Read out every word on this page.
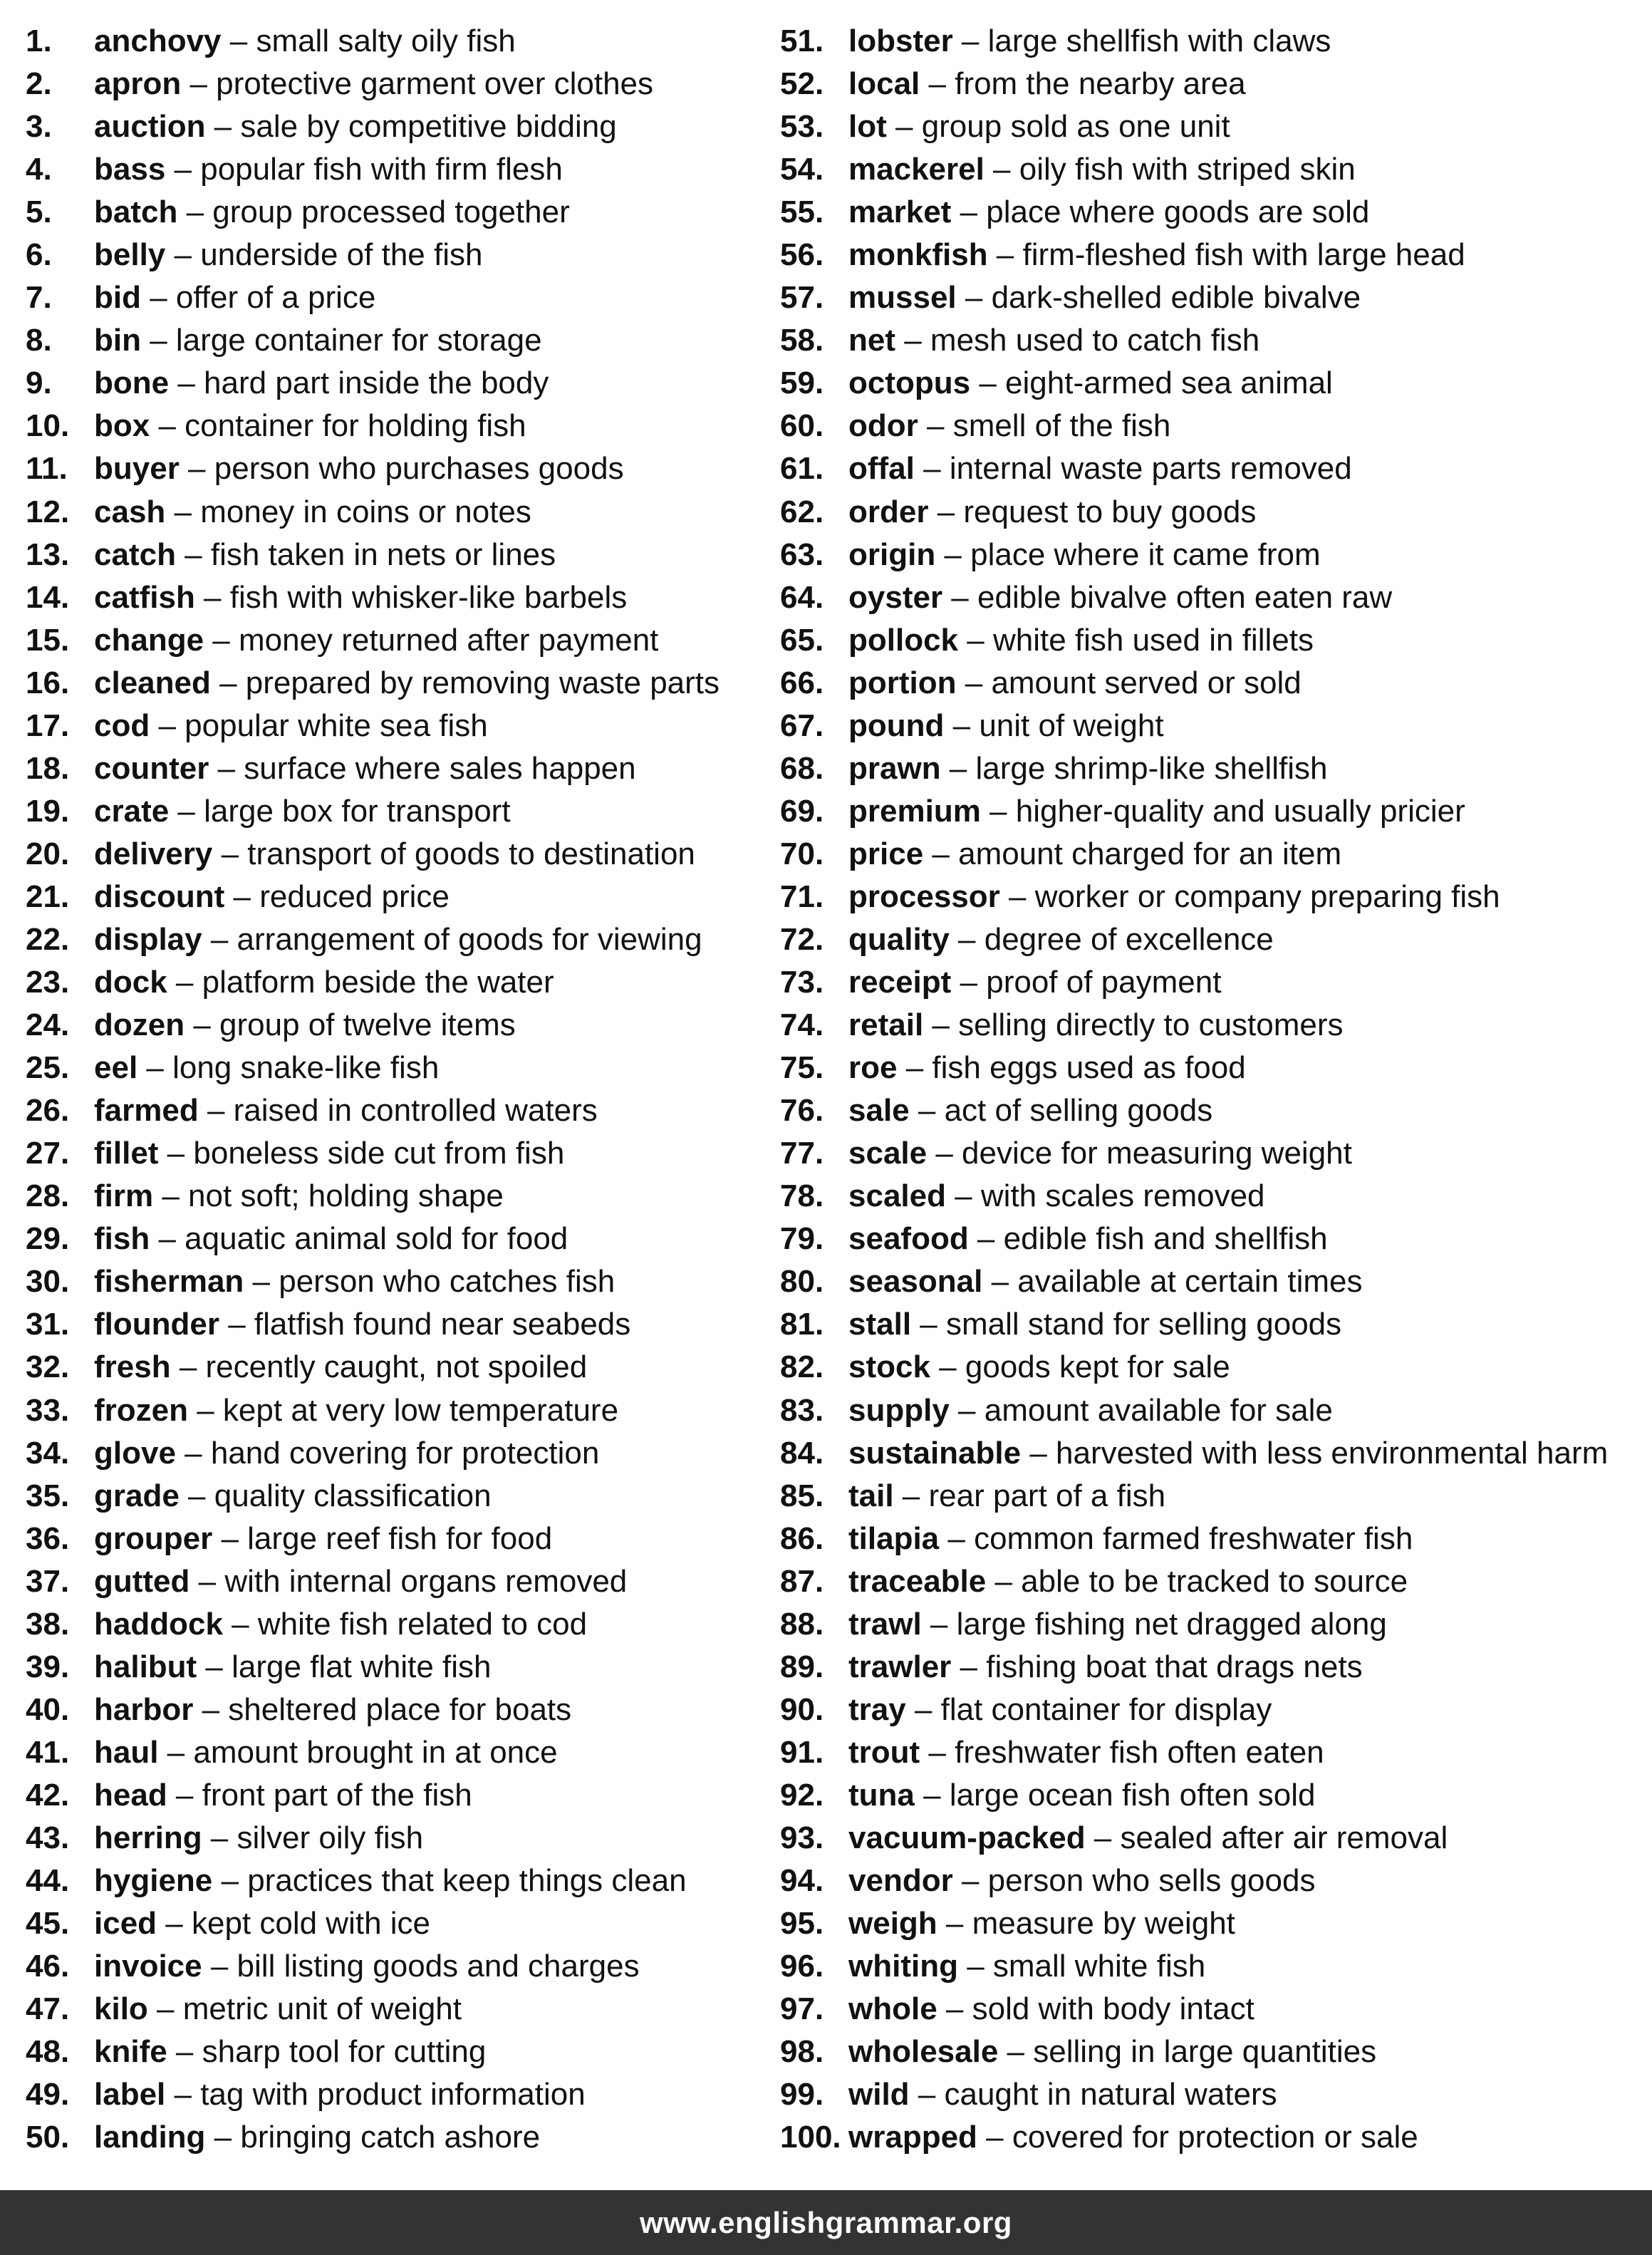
1.	anchovy – small salty oily fish
2.	apron – protective garment over clothes
3.	auction – sale by competitive bidding
4.	bass – popular fish with firm flesh
5.	batch – group processed together
6.	belly – underside of the fish
7.	bid – offer of a price
8.	bin – large container for storage
9.	bone – hard part inside the body
10. box – container for holding fish
11. buyer – person who purchases goods
12. cash – money in coins or notes
13. catch – fish taken in nets or lines
14. catfish – fish with whisker-like barbels
15. change – money returned after payment
16. cleaned – prepared by removing waste parts
17. cod – popular white sea fish
18. counter – surface where sales happen
19. crate – large box for transport
20. delivery – transport of goods to destination
21. discount – reduced price
22. display – arrangement of goods for viewing
23. dock – platform beside the water
24. dozen – group of twelve items
25. eel – long snake-like fish
26. farmed – raised in controlled waters
27. fillet – boneless side cut from fish
28. firm – not soft; holding shape
29. fish – aquatic animal sold for food
30. fisherman – person who catches fish
31. flounder – flatfish found near seabeds
32. fresh – recently caught, not spoiled
33. frozen – kept at very low temperature
34. glove – hand covering for protection
35. grade – quality classification
36. grouper – large reef fish for food
37. gutted – with internal organs removed
38. haddock – white fish related to cod
39. halibut – large flat white fish
40. harbor – sheltered place for boats
41. haul – amount brought in at once
42. head – front part of the fish
43. herring – silver oily fish
44. hygiene – practices that keep things clean
45. iced – kept cold with ice
46. invoice – bill listing goods and charges
47. kilo – metric unit of weight
48. knife – sharp tool for cutting
49. label – tag with product information
50. landing – bringing catch ashore
51. lobster – large shellfish with claws
52. local – from the nearby area
53. lot – group sold as one unit
54. mackerel – oily fish with striped skin
55. market – place where goods are sold
56. monkfish – firm-fleshed fish with large head
57. mussel – dark-shelled edible bivalve
58. net – mesh used to catch fish
59. octopus – eight-armed sea animal
60. odor – smell of the fish
61. offal – internal waste parts removed
62. order – request to buy goods
63. origin – place where it came from
64. oyster – edible bivalve often eaten raw
65. pollock – white fish used in fillets
66. portion – amount served or sold
67. pound – unit of weight
68. prawn – large shrimp-like shellfish
69. premium – higher-quality and usually pricier
70. price – amount charged for an item
71. processor – worker or company preparing fish
72. quality – degree of excellence
73. receipt – proof of payment
74. retail – selling directly to customers
75. roe – fish eggs used as food
76. sale – act of selling goods
77. scale – device for measuring weight
78. scaled – with scales removed
79. seafood – edible fish and shellfish
80. seasonal – available at certain times
81. stall – small stand for selling goods
82. stock – goods kept for sale
83. supply – amount available for sale
84. sustainable – harvested with less environmental harm
85. tail – rear part of a fish
86. tilapia – common farmed freshwater fish
87. traceable – able to be tracked to source
88. trawl – large fishing net dragged along
89. trawler – fishing boat that drags nets
90. tray – flat container for display
91. trout – freshwater fish often eaten
92. tuna – large ocean fish often sold
93. vacuum-packed – sealed after air removal
94. vendor – person who sells goods
95. weigh – measure by weight
96. whiting – small white fish
97. whole – sold with body intact
98. wholesale – selling in large quantities
99. wild – caught in natural waters
100. wrapped – covered for protection or sale
www.englishgrammar.org
